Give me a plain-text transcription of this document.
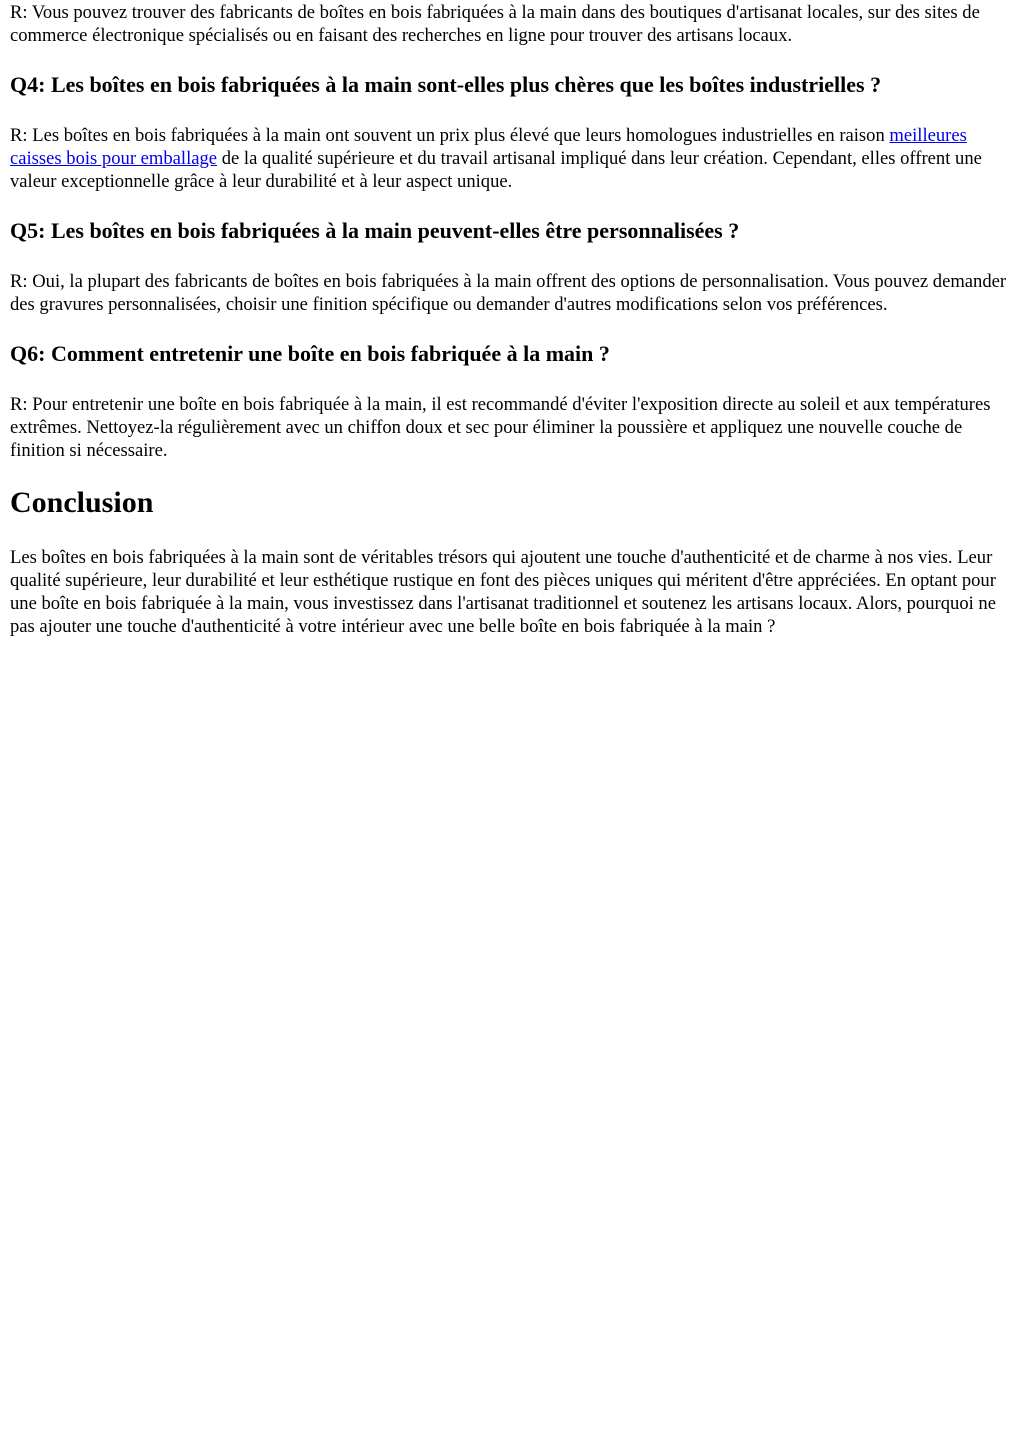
R: Vous pouvez trouver des fabricants de boîtes en bois fabriquées à la main dans des boutiques d'artisanat locales, sur des sites de commerce électronique spécialisés ou en faisant des recherches en ligne pour trouver des artisans locaux.

Q4: Les boîtes en bois fabriquées à la main sont-elles plus chères que les boîtes industrielles ?

R: Les boîtes en bois fabriquées à la main ont souvent un prix plus élevé que leurs homologues industrielles en raison meilleures caisses bois pour emballage de la qualité supérieure et du travail artisanal impliqué dans leur création. Cependant, elles offrent une valeur exceptionnelle grâce à leur durabilité et à leur aspect unique.

Q5: Les boîtes en bois fabriquées à la main peuvent-elles être personnalisées ?

R: Oui, la plupart des fabricants de boîtes en bois fabriquées à la main offrent des options de personnalisation. Vous pouvez demander des gravures personnalisées, choisir une finition spécifique ou demander d'autres modifications selon vos préférences.

Q6: Comment entretenir une boîte en bois fabriquée à la main ?

R: Pour entretenir une boîte en bois fabriquée à la main, il est recommandé d'éviter l'exposition directe au soleil et aux températures extrêmes. Nettoyez-la régulièrement avec un chiffon doux et sec pour éliminer la poussière et appliquez une nouvelle couche de finition si nécessaire.

Conclusion

Les boîtes en bois fabriquées à la main sont de véritables trésors qui ajoutent une touche d'authenticité et de charme à nos vies. Leur qualité supérieure, leur durabilité et leur esthétique rustique en font des pièces uniques qui méritent d'être appréciées. En optant pour une boîte en bois fabriquée à la main, vous investissez dans l'artisanat traditionnel et soutenez les artisans locaux. Alors, pourquoi ne pas ajouter une touche d'authenticité à votre intérieur avec une belle boîte en bois fabriquée à la main ?
